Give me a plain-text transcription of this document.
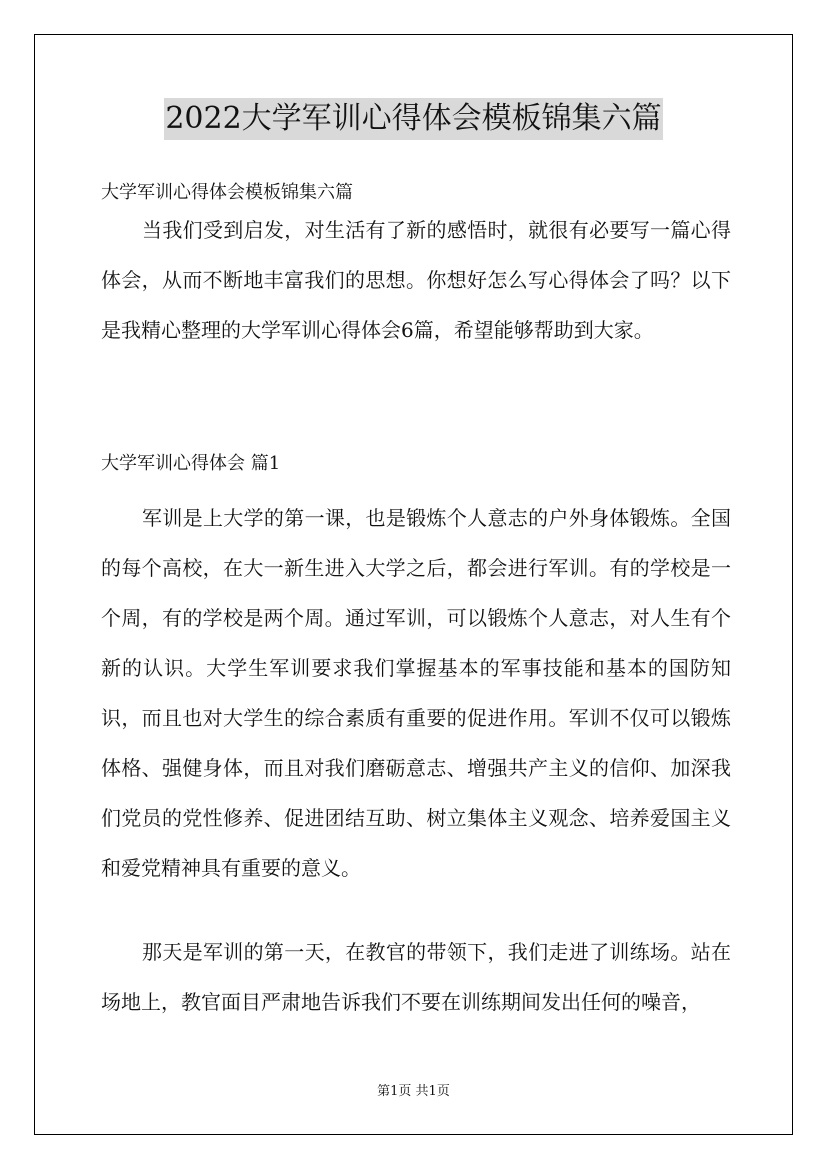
2022大学军训心得体会模板锦集六篇
大学军训心得体会模板锦集六篇

当我们受到启发，对生活有了新的感悟时，就很有必要写一篇心得体会，从而不断地丰富我们的思想。你想好怎么写心得体会了吗？以下是我精心整理的大学军训心得体会6篇，希望能够帮助到大家。

大学军训心得体会 篇1

军训是上大学的第一课，也是锻炼个人意志的户外身体锻炼。全国的每个高校，在大一新生进入大学之后，都会进行军训。有的学校是一个周，有的学校是两个周。通过军训，可以锻炼个人意志，对人生有个新的认识。大学生军训要求我们掌握基本的军事技能和基本的国防知识，而且也对大学生的综合素质有重要的促进作用。军训不仅可以锻炼体格、强健身体，而且对我们磨砺意志、增强共产主义的信仰、加深我们党员的党性修养、促进团结互助、树立集体主义观念、培养爱国主义和爱党精神具有重要的意义。

那天是军训的第一天，在教官的带领下，我们走进了训练场。站在场地上，教官面目严肃地告诉我们不要在训练期间发出任何的噪音，

第1页 共1页
